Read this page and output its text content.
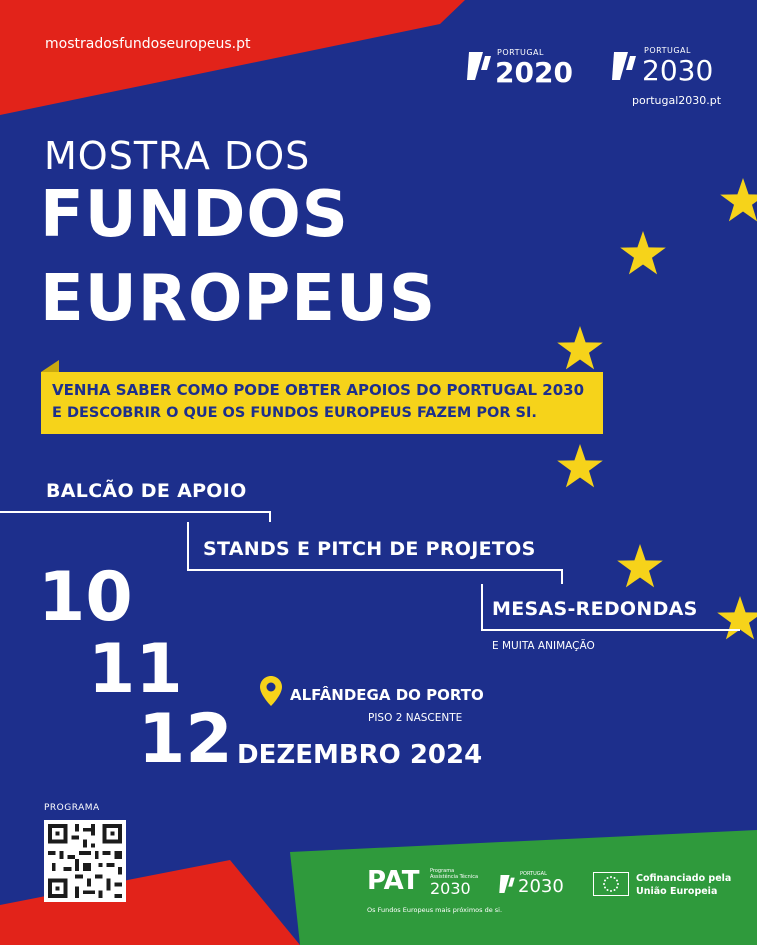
mostradosfundoseuropeus.pt
PORTUGAL
2020
PORTUGAL
2030
portugal2030.pt
MOSTRA DOS
FUNDOS
EUROPEUS
VENHA SABER COMO PODE OBTER APOIOS DO PORTUGAL 2030
E DESCOBRIR O QUE OS FUNDOS EUROPEUS FAZEM POR SI.
BALCÃO DE APOIO
STANDS E PITCH DE PROJETOS
MESAS-REDONDAS
E MUITA ANIMAÇÃO
10
11
12
ALFÂNDEGA DO PORTO
PISO 2 NASCENTE
DEZEMBRO 2024
PROGRAMA
PAT Programa
Assistência Técnica
2030
Os Fundos Europeus mais próximos de si.
PORTUGAL
2030	Cofinanciado pela
União Europeia
